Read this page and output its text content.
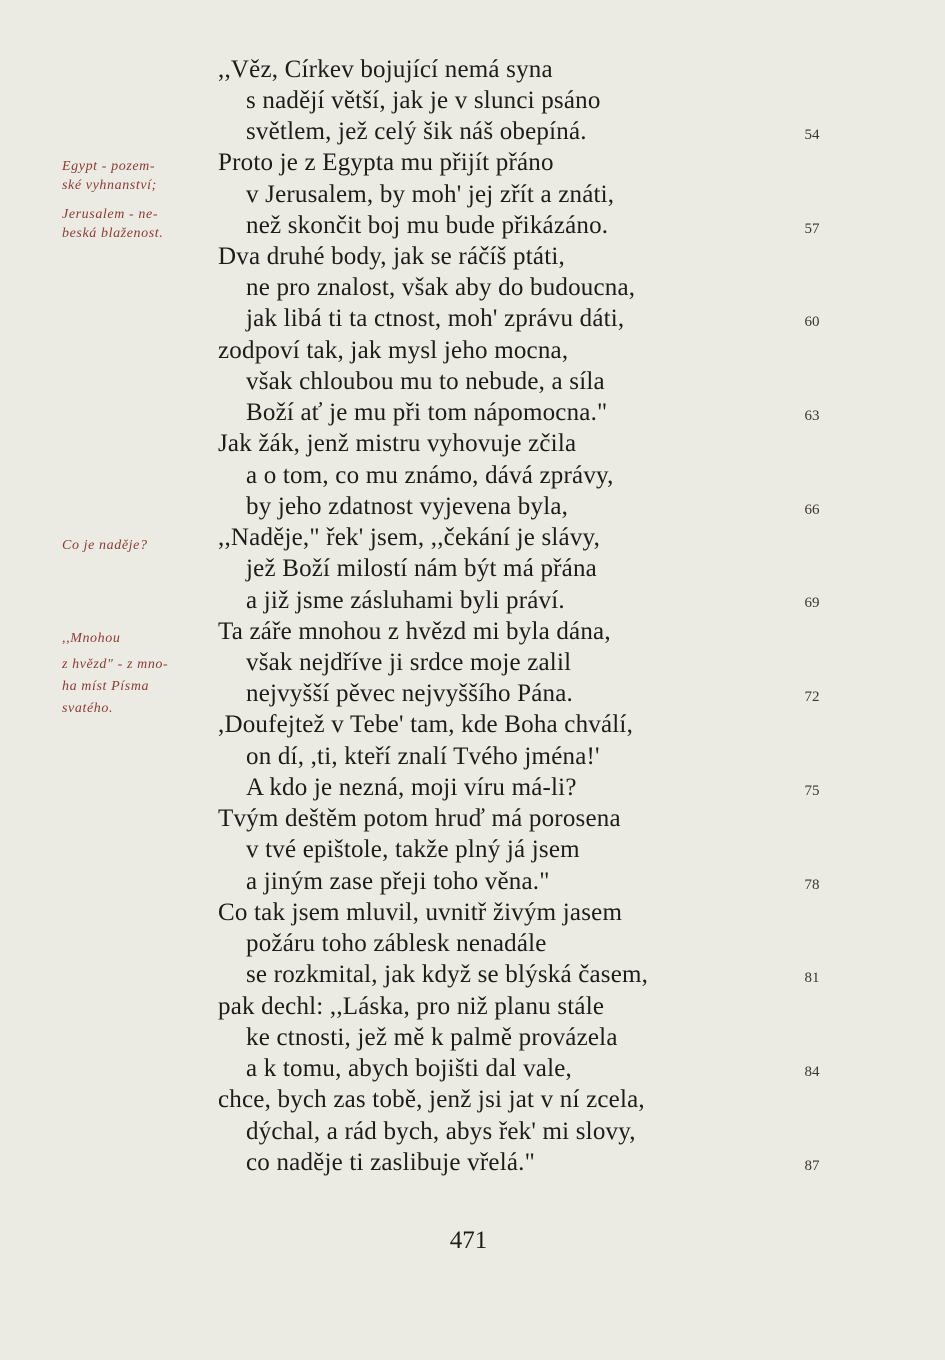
Egypt - pozem-
ské vyhnanství;
Jerusalem - ne-
beská blaženost.
Co je naděje?
,,Mnohou
z hvězd" - z mno-
ha míst Písma
svatého.
,,Věz, Církev bojující nemá syna
s nadějí větší, jak je v slunci psáno
světlem, jež celý šik náš obepíná.
Proto je z Egypta mu přijít přáno
v Jerusalem, by moh' jej zřít a znáti,
než skončit boj mu bude přikázáno.
Dva druhé body, jak se ráčíš ptáti,
ne pro znalost, však aby do budoucna,
jak libá ti ta ctnost, moh' zprávu dáti,
zodpoví tak, jak mysl jeho mocna,
však chloubou mu to nebude, a síla
Boží ať je mu při tom nápomocna."
Jak žák, jenž mistru vyhovuje zčila
a o tom, co mu známo, dává zprávy,
by jeho zdatnost vyjevena byla,
,,Naděje," řek' jsem, ,,čekání je slávy,
jež Boží milostí nám být má přána
a již jsme zásluhami byli práví.
Ta záře mnohou z hvězd mi byla dána,
však nejdříve ji srdce moje zalil
nejvyšší pěvec nejvyššího Pána.
,Doufejtež v Tebe' tam, kde Boha chválí,
on dí, ,ti, kteří znalí Tvého jména!'
A kdo je nezná, moji víru má-li?
Tvým deštěm potom hruď má porosena
v tvé epištole, takže plný já jsem
a jiným zase přeji toho věna."
Co tak jsem mluvil, uvnitř živým jasem
požáru toho záblesk nenadále
se rozkmital, jak když se blýská časem,
pak dechl: ,,Láska, pro niž planu stále
ke ctnosti, jež mě k palmě provázela
a k tomu, abych bojišti dal vale,
chce, bych zas tobě, jenž jsi jat v ní zcela,
dýchal, a rád bych, abys řek' mi slovy,
co naděje ti zaslibuje vřelá."
54
57
60
63
66
69
72
75
78
81
84
87
471
